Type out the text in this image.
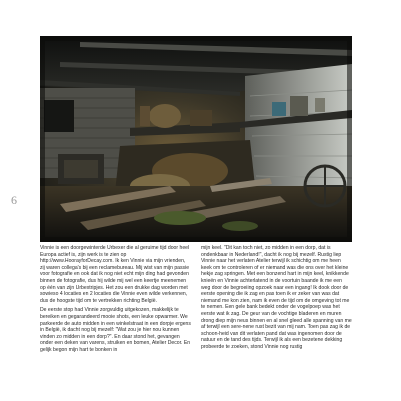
6

Vinnie is een doorgewinterde Urbexer die al geruime tijd door heel Europa actief is, zijn werk is te zien op http://www.HoorayforDecay.com. Ik ken Vinnie via mijn vrienden, zij waren collega's bij een reclamebureau. Mij wist van mijn passie voor fotografie en ook dat ik nog niet echt mijn ding had gevonden binnen de fotografie, dus hij wilde mij wel een keertje meenemen op één van zijn Urbextripjes. Het zou een drukke dag worden met sowieso 4 locaties en 2 locaties die Vinnie even wilde verkennen, dus de hoogste tijd om te vertrekken richting België.

De eerste stop had Vinnie zorgvuldig uitgekozen, makkelijk te bereiken en gegarandeerd mooie shots, een leuke opwarmer. We parkeerde de auto midden in een winkelstraat in een dorpje ergens in België, ik dacht nog bij mezelf: "Wat zou je hier nou kunnen vinden zo midden in een dorp?". En daar stond het, gevangen onder een deken van varens, struiken en bomen, Atelier Decor. En gelijk begon mijn hart te bonken in

mijn keel. "Dit kan toch niet, zo midden in een dorp, dat is ondenkbaar in Nederland!", dacht ik nog bij mezelf. Rustig liep Vinnie naar het verlaten Atelier terwijl ik schichtig om me heen keek om te controleren of er niemand was die ons over het kleine hekje zag springen. Met een bonzend hart in mijn keel, knikkende knieën en Vinnie achterlatend in de voortuin baande ik me een weg door de begroeiing opzoek naar een ingang! Ik dook door de eerste opening die ik zag en pas toen ik er zeker van was dat niemand me kon zien, nam ik even de tijd om de omgeving tot me te nemen. Een gele bank bedekt onder de vogelpoep was het eerste wat ik zag. De geur van de vochtige bladeren en muren drong diep mijn neus binnen en al snel gleed alle spanning van me af terwijl een sere-nene rust bezit van mij nam. Toen pas zag ik de schoon-heid van dit verlaten pand dat was ingenomen door de natuur en de tand des tijds. Terwijl ik als een bezetene dekking probeerde te zoeken, stond Vinnie nog rustig
